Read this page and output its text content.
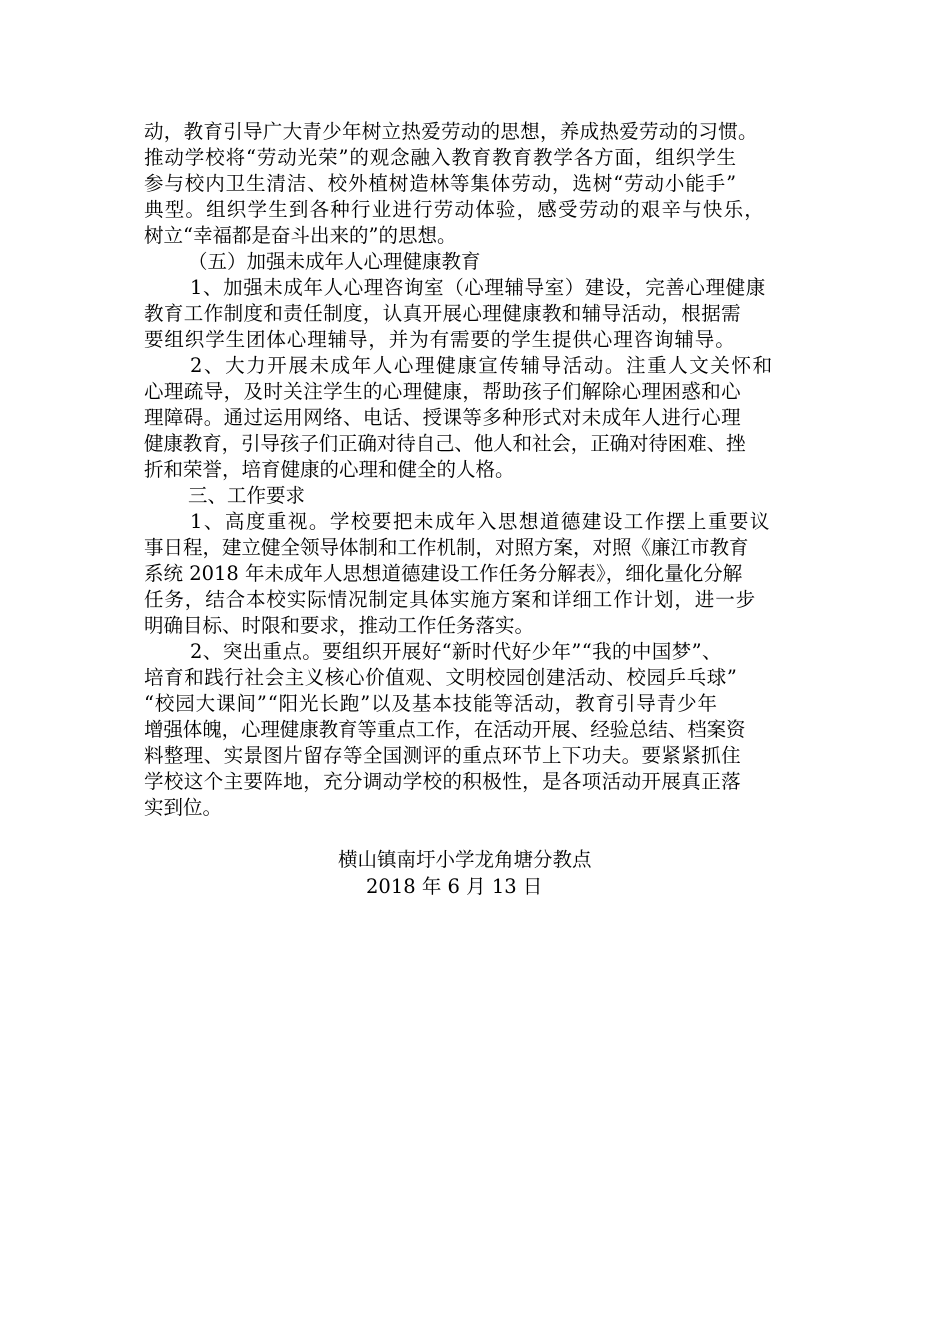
动，教育引导广大青少年树立热爱劳动的思想，养成热爱劳动的习惯。
推动学校将“劳动光荣”的观念融入教育教育教学各方面，组织学生
参与校内卫生清洁、校外植树造林等集体劳动，选树“劳动小能手”
典型。组织学生到各种行业进行劳动体验，感受劳动的艰辛与快乐，
树立“幸福都是奋斗出来的”的思想。
（五）加强未成年人心理健康教育
1、加强未成年人心理咨询室（心理辅导室）建设，完善心理健康
教育工作制度和责任制度，认真开展心理健康教和辅导活动，根据需
要组织学生团体心理辅导，并为有需要的学生提供心理咨询辅导。
2、大力开展未成年人心理健康宣传辅导活动。注重人文关怀和
心理疏导，及时关注学生的心理健康，帮助孩子们解除心理困惑和心
理障碍。通过运用网络、电话、授课等多种形式对未成年人进行心理
健康教育，引导孩子们正确对待自己、他人和社会，正确对待困难、挫
折和荣誉，培育健康的心理和健全的人格。
三、工作要求
1、高度重视。学校要把未成年入思想道德建设工作摆上重要议
事日程，建立健全领导体制和工作机制，对照方案，对照《廉江市教育
系统 2018 年未成年人思想道德建设工作任务分解表》，细化量化分解
任务，结合本校实际情况制定具体实施方案和详细工作计划，进一步
明确目标、时限和要求，推动工作任务落实。
2、突出重点。要组织开展好“新时代好少年”“我的中国梦”、
培育和践行社会主义核心价值观、文明校园创建活动、校园乒乓球”
“校园大课间”“阳光长跑”以及基本技能等活动，教育引导青少年
增强体魄，心理健康教育等重点工作，在活动开展、经验总结、档案资
料整理、实景图片留存等全国测评的重点环节上下功夫。要紧紧抓住
学校这个主要阵地，充分调动学校的积极性，是各项活动开展真正落
实到位。
横山镇南圩小学龙角塘分教点
2018 年 6 月 13 日
